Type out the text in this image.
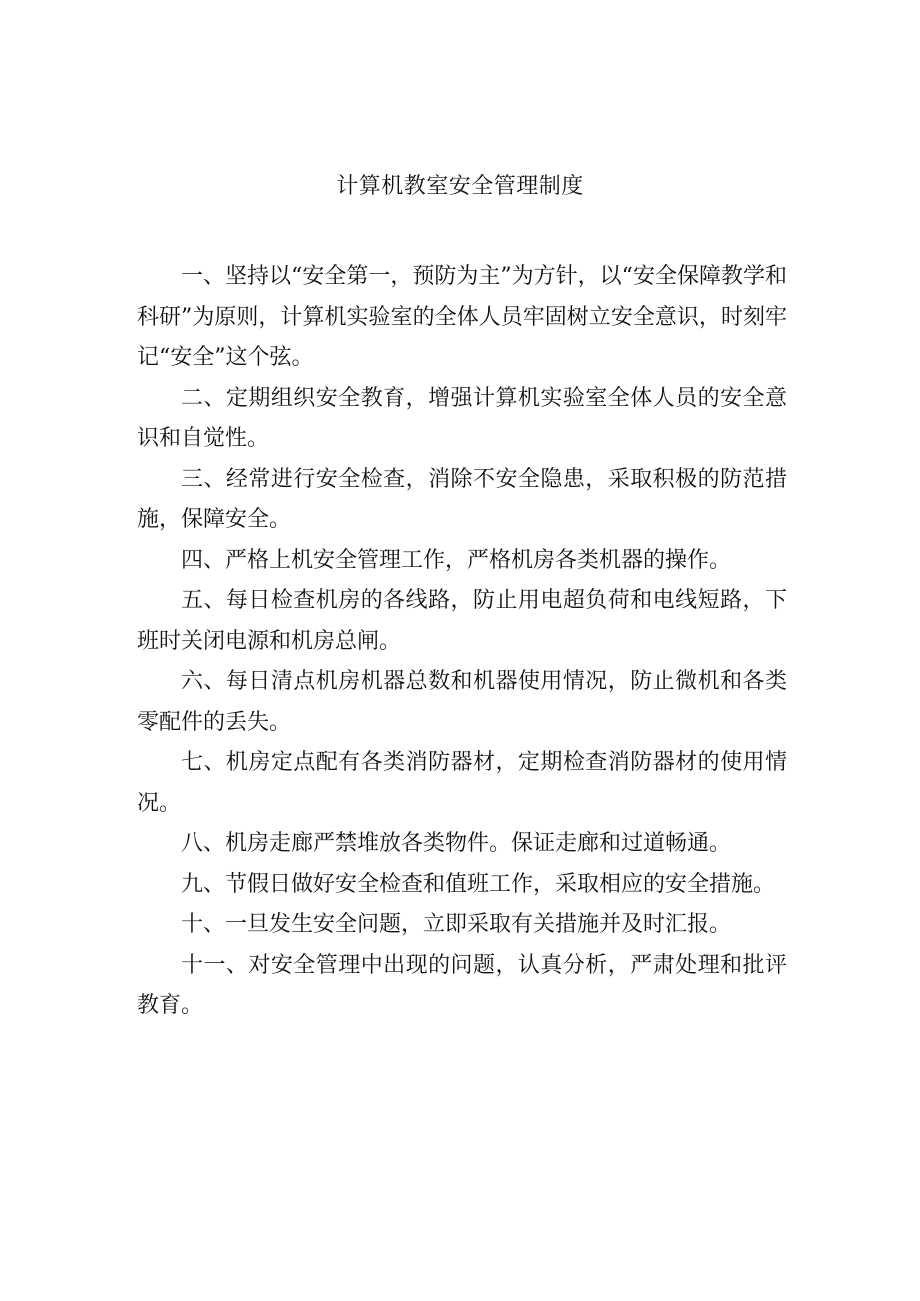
计算机教室安全管理制度

一、坚持以“安全第一，预防为主”为方针，以“安全保障教学和科研”为原则，计算机实验室的全体人员牢固树立安全意识，时刻牢记“安全”这个弦。

二、定期组织安全教育，增强计算机实验室全体人员的安全意识和自觉性。

三、经常进行安全检查，消除不安全隐患，采取积极的防范措施，保障安全。

四、严格上机安全管理工作，严格机房各类机器的操作。

五、每日检查机房的各线路，防止用电超负荷和电线短路，下班时关闭电源和机房总闸。

六、每日清点机房机器总数和机器使用情况，防止微机和各类零配件的丢失。

七、机房定点配有各类消防器材，定期检查消防器材的使用情况。

八、机房走廊严禁堆放各类物件。保证走廊和过道畅通。

九、节假日做好安全检查和值班工作，采取相应的安全措施。

十、一旦发生安全问题，立即采取有关措施并及时汇报。

十一、对安全管理中出现的问题，认真分析，严肃处理和批评教育。
